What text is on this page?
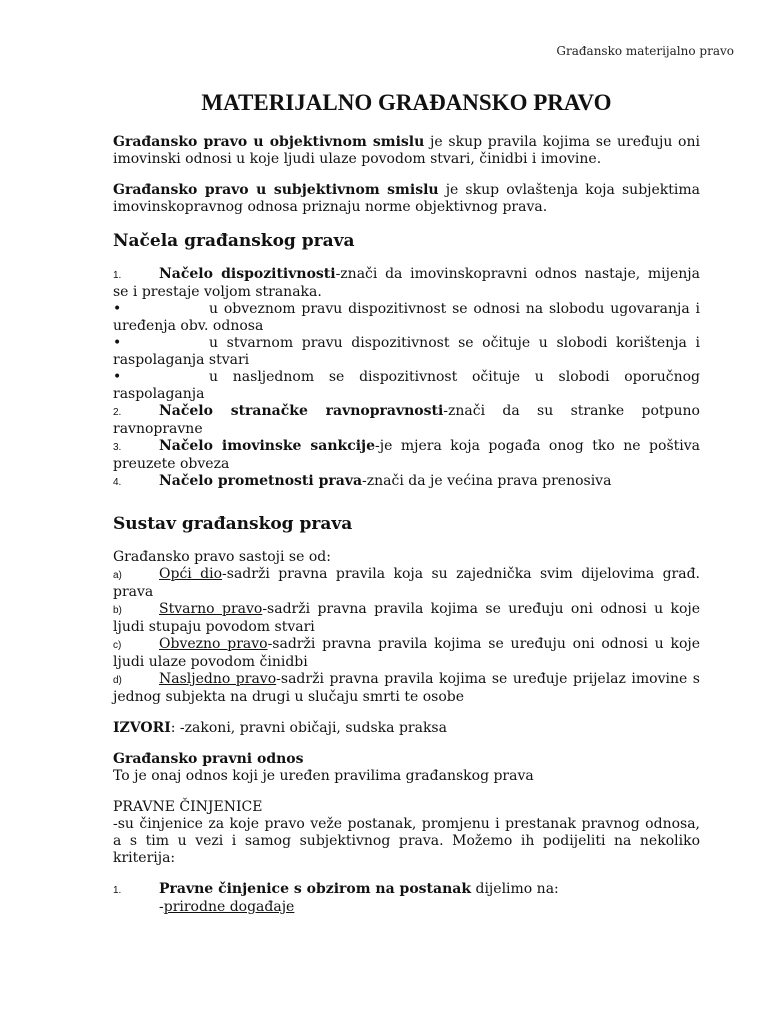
Građansko materijalno pravo
MATERIJALNO GRAĐANSKO PRAVO

Građansko pravo u objektivnom smislu je skup pravila kojima se uređuju oni imovinski odnosi u koje ljudi ulaze povodom stvari, činidbi i imovine.

Građansko pravo u subjektivnom smislu je skup ovlaštenja koja subjektima imovinskopravnog odnosa priznaju norme objektivnog prava.

Načela građanskog prava
1.	Načelo dispozitivnosti-znači da imovinskopravni odnos nastaje, mijenja se i prestaje voljom stranaka.
•	u obveznom pravu dispozitivnost se odnosi na slobodu ugovaranja i uređenja obv. odnosa
•	u stvarnom pravu dispozitivnost se očituje u slobodi korištenja i raspolaganja stvari
•	u nasljednom se dispozitivnost očituje u slobodi oporučnog raspolaganja
2.	Načelo stranačke ravnopravnosti-znači da su stranke potpuno ravnopravne
3.	Načelo imovinske sankcije-je mjera koja pogađa onog tko ne poštiva preuzete obveza
4.	Načelo prometnosti prava-znači da je većina prava prenosiva
Sustav građanskog prava

Građansko pravo sastoji se od:

a)	Opći dio-sadrži pravna pravila koja su zajednička svim dijelovima građ. prava
b)	Stvarno pravo-sadrži pravna pravila kojima se uređuju oni odnosi u koje ljudi stupaju povodom stvari
c)	Obvezno pravo-sadrži pravna pravila kojima se uređuju oni odnosi u koje ljudi ulaze povodom činidbi
d)	Nasljedno pravo-sadrži pravna pravila kojima se uređuje prijelaz imovine s jednog subjekta na drugi u slučaju smrti te osobe

IZVORI: -zakoni, pravni običaji, sudska praksa

Građansko pravni odnos

To je onaj odnos koji je uređen pravilima građanskog prava

PRAVNE ČINJENICE

-su činjenice za koje pravo veže postanak, promjenu i prestanak pravnog odnosa, a s tim u vezi i samog subjektivnog prava. Možemo ih podijeliti na nekoliko kriterija:

1.	Pravne činjenice s obzirom na postanak dijelimo na:
-prirodne događaje
